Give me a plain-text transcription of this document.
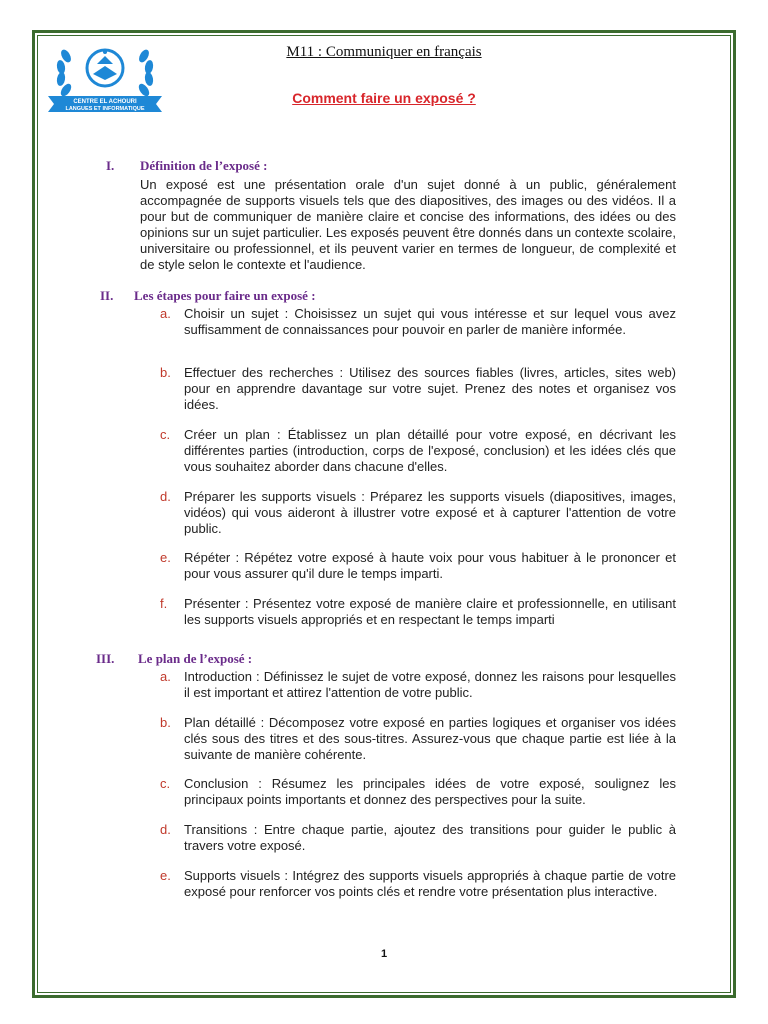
CENTRE EL ACHOURI
LANGUES ET INFORMATIQUE
M11 : Communiquer en français
Comment faire un exposé ?
I. Définition de l’exposé :
Un exposé est une présentation orale d'un sujet donné à un public, généralement accompagnée de supports visuels tels que des diapositives, des images ou des vidéos. Il a pour but de communiquer de manière claire et concise des informations, des idées ou des opinions sur un sujet particulier. Les exposés peuvent être donnés dans un contexte scolaire, universitaire ou professionnel, et ils peuvent varier en termes de longueur, de complexité et de style selon le contexte et l'audience.
II. Les étapes pour faire un exposé :
a. Choisir un sujet : Choisissez un sujet qui vous intéresse et sur lequel vous avez suffisamment de connaissances pour pouvoir en parler de manière informée.
b. Effectuer des recherches : Utilisez des sources fiables (livres, articles, sites web) pour en apprendre davantage sur votre sujet. Prenez des notes et organisez vos idées.
c. Créer un plan : Établissez un plan détaillé pour votre exposé, en décrivant les différentes parties (introduction, corps de l'exposé, conclusion) et les idées clés que vous souhaitez aborder dans chacune d'elles.
d. Préparer les supports visuels : Préparez les supports visuels (diapositives, images, vidéos) qui vous aideront à illustrer votre exposé et à capturer l'attention de votre public.
e. Répéter : Répétez votre exposé à haute voix pour vous habituer à le prononcer et pour vous assurer qu'il dure le temps imparti.
f. Présenter : Présentez votre exposé de manière claire et professionnelle, en utilisant les supports visuels appropriés et en respectant le temps imparti
III. Le plan de l’exposé :
a. Introduction : Définissez le sujet de votre exposé, donnez les raisons pour lesquelles il est important et attirez l'attention de votre public.
b. Plan détaillé : Décomposez votre exposé en parties logiques et organiser vos idées clés sous des titres et des sous-titres. Assurez-vous que chaque partie est liée à la suivante de manière cohérente.
c. Conclusion : Résumez les principales idées de votre exposé, soulignez les principaux points importants et donnez des perspectives pour la suite.
d. Transitions : Entre chaque partie, ajoutez des transitions pour guider le public à travers votre exposé.
e. Supports visuels : Intégrez des supports visuels appropriés à chaque partie de votre exposé pour renforcer vos points clés et rendre votre présentation plus interactive.
1
